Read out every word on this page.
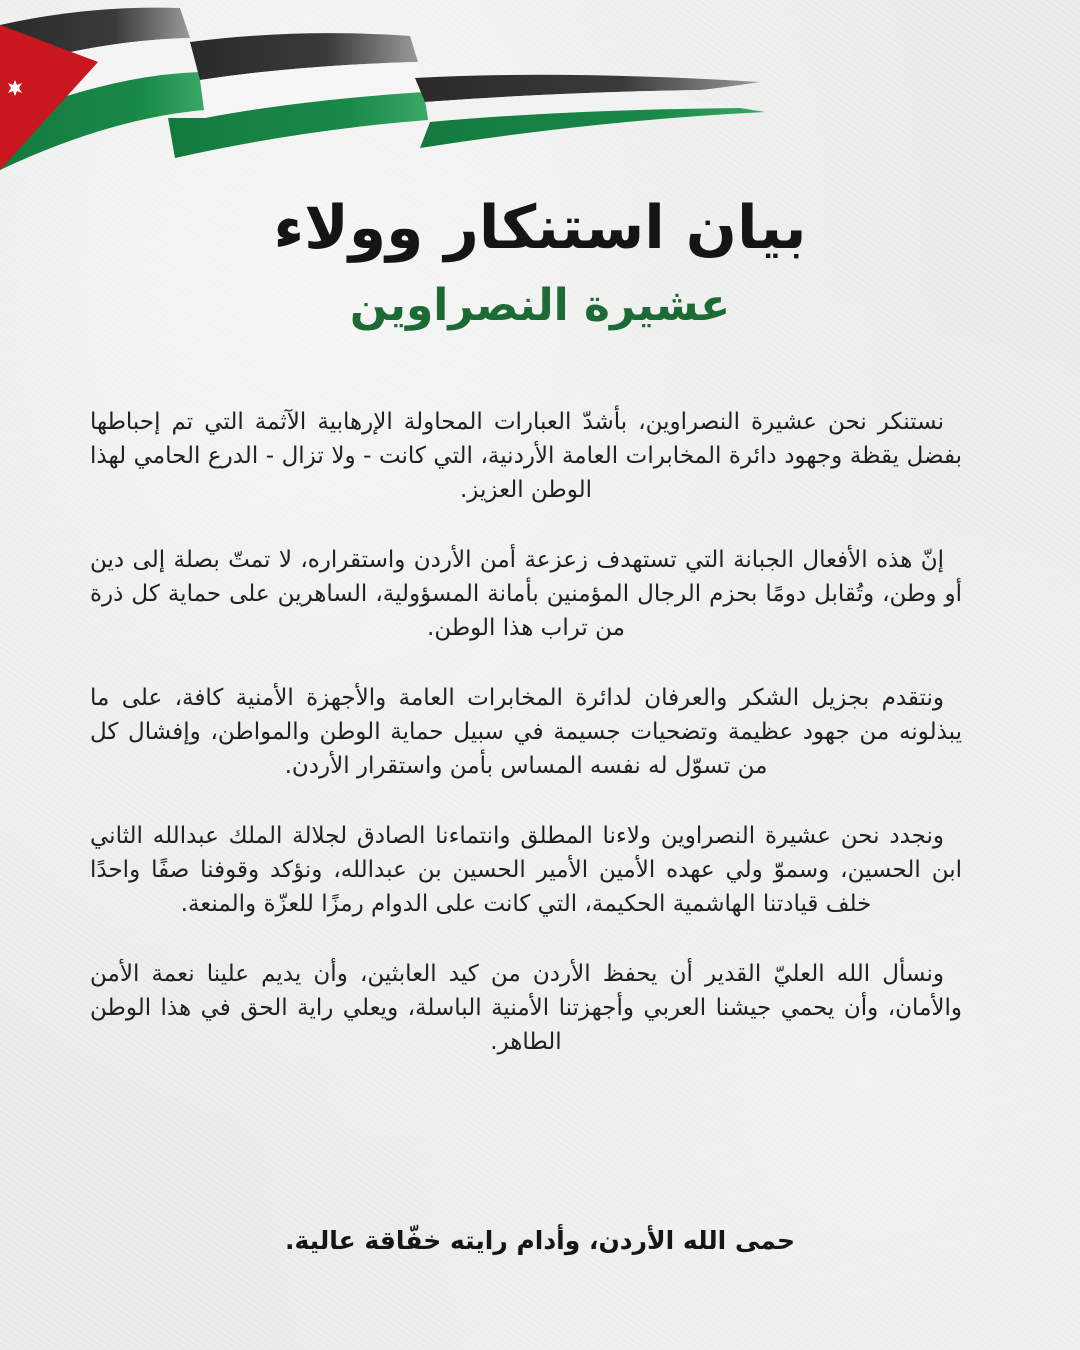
بيان استنكار وولاء
عشيرة النصراوين

نستنكر نحن عشيرة النصراوين، بأشدّ العبارات المحاولة الإرهابية الآثمة التي تم إحباطها بفضل يقظة وجهود دائرة المخابرات العامة الأردنية، التي كانت - ولا تزال - الدرع الحامي لهذا الوطن العزيز.

إنّ هذه الأفعال الجبانة التي تستهدف زعزعة أمن الأردن واستقراره، لا تمتّ بصلة إلى دين أو وطن، وتُقابل دومًا بحزم الرجال المؤمنين بأمانة المسؤولية، الساهرين على حماية كل ذرة من تراب هذا الوطن.

ونتقدم بجزيل الشكر والعرفان لدائرة المخابرات العامة والأجهزة الأمنية كافة، على ما يبذلونه من جهود عظيمة وتضحيات جسيمة في سبيل حماية الوطن والمواطن، وإفشال كل من تسوّل له نفسه المساس بأمن واستقرار الأردن.

ونجدد نحن عشيرة النصراوين ولاءنا المطلق وانتماءنا الصادق لجلالة الملك عبدالله الثاني ابن الحسين، وسموّ ولي عهده الأمين الأمير الحسين بن عبدالله، ونؤكد وقوفنا صفًا واحدًا خلف قيادتنا الهاشمية الحكيمة، التي كانت على الدوام رمزًا للعزّة والمنعة.

ونسأل الله العليّ القدير أن يحفظ الأردن من كيد العابثين، وأن يديم علينا نعمة الأمن والأمان، وأن يحمي جيشنا العربي وأجهزتنا الأمنية الباسلة، ويعلي راية الحق في هذا الوطن الطاهر.

حمى الله الأردن، وأدام رايته خفّاقة عالية.
